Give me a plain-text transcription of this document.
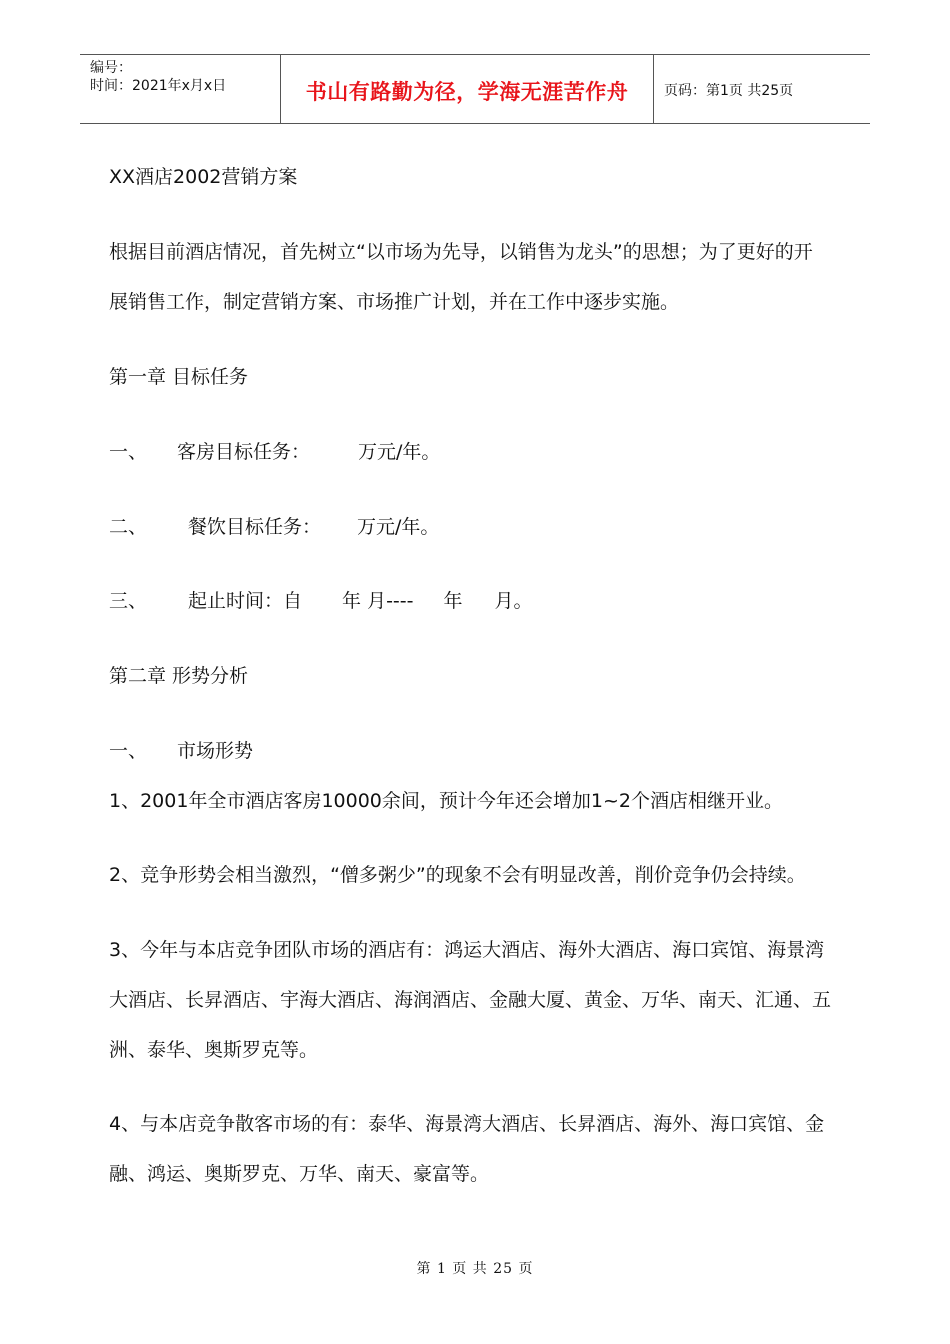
编号：
时间：2021年x月x日	书山有路勤为径，学海无涯苦作舟	页码：第1页 共25页
XX酒店2002营销方案
根据目前酒店情况，首先树立“以市场为先导，以销售为龙头”的思想；为了更好的开
展销售工作，制定营销方案、市场推广计划，并在工作中逐步实施。
第一章 目标任务
一、 客房目标任务：	万元/年。
二、 餐饮目标任务： 万元/年。
三、 起止时间：自 年 月---- 年 月。
第二章 形势分析
一、 市场形势
1、2001年全市酒店客房10000余间，预计今年还会增加1~2个酒店相继开业。
2、竞争形势会相当激烈，“僧多粥少”的现象不会有明显改善，削价竞争仍会持续。
3、今年与本店竞争团队市场的酒店有：鸿运大酒店、海外大酒店、海口宾馆、海景湾
大酒店、长昇酒店、宇海大酒店、海润酒店、金融大厦、黄金、万华、南天、汇通、五
洲、泰华、奥斯罗克等。
4、与本店竞争散客市场的有：泰华、海景湾大酒店、长昇酒店、海外、海口宾馆、金
融、鸿运、奥斯罗克、万华、南天、豪富等。
第 1 页 共 25 页
